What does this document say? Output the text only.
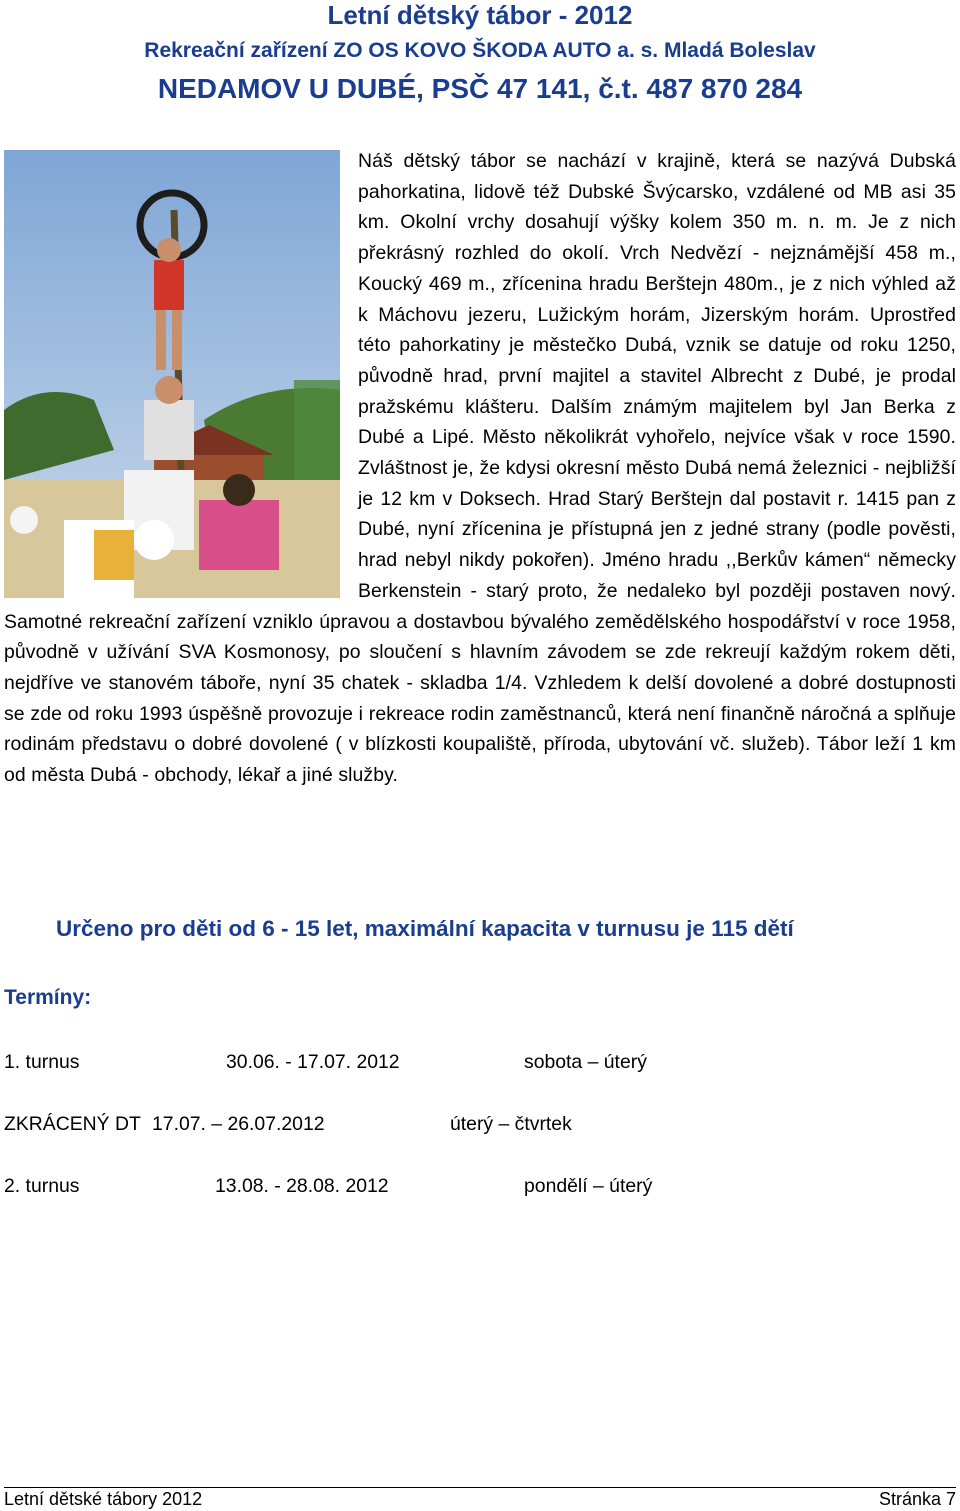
Letní dětský tábor - 2012
Rekreační zařízení ZO OS KOVO ŠKODA AUTO a. s. Mladá Boleslav
NEDAMOV U DUBÉ, PSČ 47 141, č.t. 487 870 284

Náš dětský tábor se nachází v krajině, která se nazývá Dubská pahorkatina, lidově též Dubské Švýcarsko, vzdálené od MB asi 35 km. Okolní vrchy dosahují výšky kolem 350 m. n. m. Je z nich překrásný rozhled do okolí. Vrch Nedvězí - nejznámější 458 m., Koucký 469 m., zřícenina hradu Berštejn 480m., je z nich výhled až k Máchovu jezeru, Lužickým horám, Jizerským horám. Uprostřed této pahorkatiny je městečko Dubá, vznik se datuje od roku 1250, původně hrad, první majitel a stavitel Albrecht z Dubé, je prodal pražskému klášteru. Dalším známým majitelem byl Jan Berka z Dubé a Lipé. Město několikrát vyhořelo, nejvíce však v roce 1590. Zvláštnost je, že kdysi okresní město Dubá nemá železnici - nejbližší je 12 km v Doksech. Hrad Starý Berštejn dal postavit r. 1415 pan z Dubé, nyní zřícenina je přístupná jen z jedné strany (podle pověsti, hrad nebyl nikdy pokořen). Jméno hradu ,,Berkův kámen“ německy Berkenstein - starý proto, že nedaleko byl později postaven nový. Samotné rekreační zařízení vzniklo úpravou a dostavbou bývalého zemědělského hospodářství v roce 1958, původně v užívání SVA Kosmonosy, po sloučení s hlavním závodem se zde rekreují každým rokem děti, nejdříve ve stanovém táboře, nyní 35 chatek - skladba 1/4. Vzhledem k delší dovolené a dobré dostupnosti se zde od roku 1993 úspěšně provozuje i rekreace rodin zaměstnanců, která není finančně náročná a splňuje rodinám představu o dobré dovolené ( v blízkosti koupaliště, příroda, ubytování vč. služeb). Tábor leží 1 km od města Dubá - obchody, lékař a jiné služby.

Určeno pro děti od 6 - 15 let, maximální kapacita v turnusu je 115 dětí
Termíny:
1. turnus	30.06. - 17.07. 2012	sobota – úterý
ZKRÁCENÝ DT 17.07. – 26.07.2012	úterý – čtvrtek
2. turnus	13.08. - 28.08. 2012	pondělí – úterý
Letní dětské tábory 2012	Stránka 7
